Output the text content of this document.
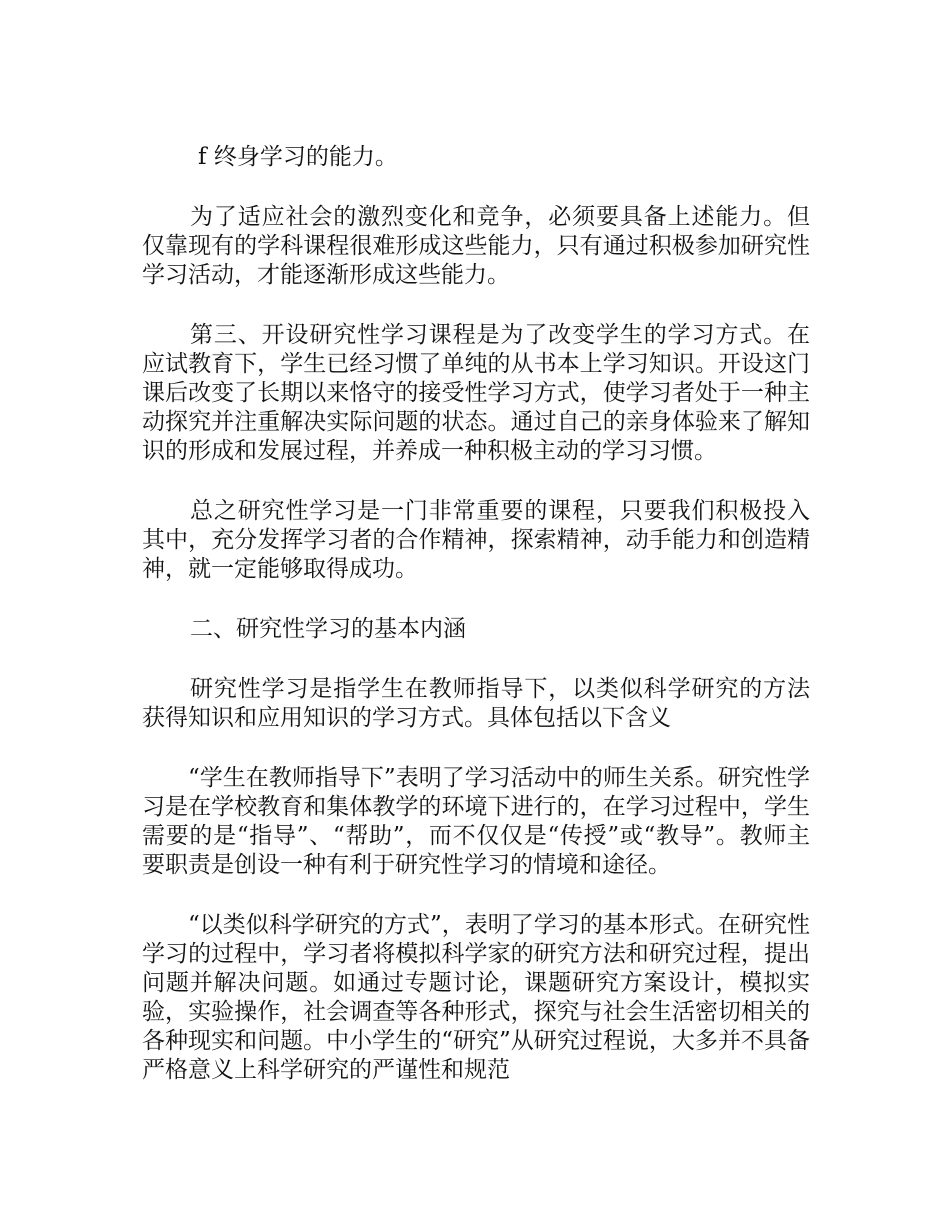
f 终身学习的能力。

为了适应社会的激烈变化和竞争，必须要具备上述能力。但仅靠现有的学科课程很难形成这些能力，只有通过积极参加研究性学习活动，才能逐渐形成这些能力。

第三、开设研究性学习课程是为了改变学生的学习方式。在应试教育下，学生已经习惯了单纯的从书本上学习知识。开设这门课后改变了长期以来恪守的接受性学习方式，使学习者处于一种主动探究并注重解决实际问题的状态。通过自己的亲身体验来了解知识的形成和发展过程，并养成一种积极主动的学习习惯。

总之研究性学习是一门非常重要的课程，只要我们积极投入其中，充分发挥学习者的合作精神，探索精神，动手能力和创造精神，就一定能够取得成功。

二、研究性学习的基本内涵

研究性学习是指学生在教师指导下，以类似科学研究的方法获得知识和应用知识的学习方式。具体包括以下含义

“学生在教师指导下”表明了学习活动中的师生关系。研究性学习是在学校教育和集体教学的环境下进行的，在学习过程中，学生需要的是“指导”、“帮助”，而不仅仅是“传授”或“教导”。教师主要职责是创设一种有利于研究性学习的情境和途径。

“以类似科学研究的方式”，表明了学习的基本形式。在研究性学习的过程中，学习者将模拟科学家的研究方法和研究过程，提出问题并解决问题。如通过专题讨论，课题研究方案设计，模拟实验，实验操作，社会调查等各种形式，探究与社会生活密切相关的各种现实和问题。中小学生的“研究”从研究过程说，大多并不具备严格意义上科学研究的严谨性和规范
